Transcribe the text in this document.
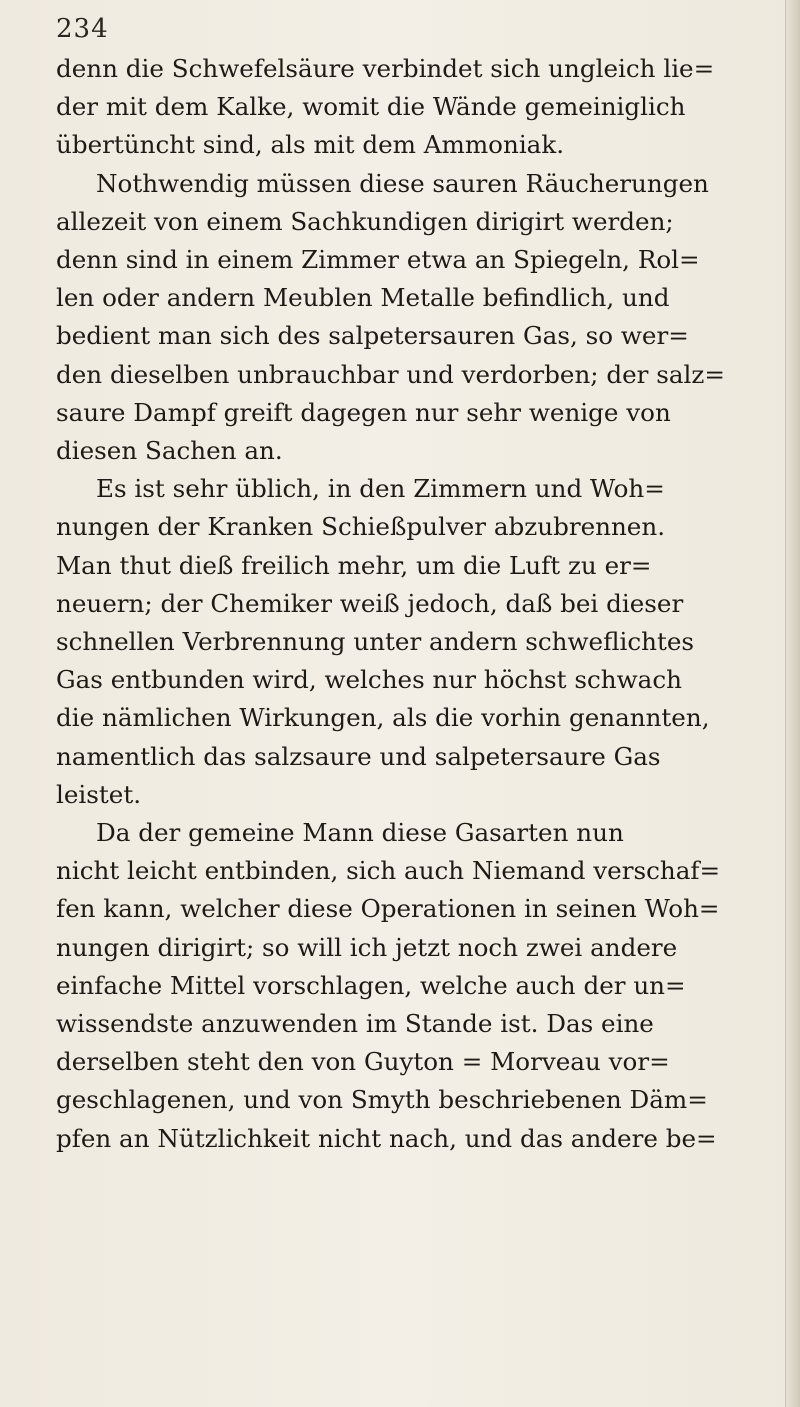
234
denn die Schwefelsäure verbindet sich ungleich lie=
der mit dem Kalke, womit die Wände gemeiniglich
übertüncht sind, als mit dem Ammoniak.
Nothwendig müssen diese sauren Räucherungen
allezeit von einem Sachkundigen dirigirt werden;
denn sind in einem Zimmer etwa an Spiegeln, Rol=
len oder andern Meublen Metalle befindlich, und
bedient man sich des salpetersauren Gas, so wer=
den dieselben unbrauchbar und verdorben; der salz=
saure Dampf greift dagegen nur sehr wenige von
diesen Sachen an.
Es ist sehr üblich, in den Zimmern und Woh=
nungen der Kranken Schießpulver abzubrennen.
Man thut dieß freilich mehr, um die Luft zu er=
neuern; der Chemiker weiß jedoch, daß bei dieser
schnellen Verbrennung unter andern schweflichtes
Gas entbunden wird, welches nur höchst schwach
die nämlichen Wirkungen, als die vorhin genannten,
namentlich das salzsaure und salpetersaure Gas
leistet.
Da der gemeine Mann diese Gasarten nun
nicht leicht entbinden, sich auch Niemand verschaf=
fen kann, welcher diese Operationen in seinen Woh=
nungen dirigirt; so will ich jetzt noch zwei andere
einfache Mittel vorschlagen, welche auch der un=
wissendste anzuwenden im Stande ist. Das eine
derselben steht den von Guyton = Morveau vor=
geschlagenen, und von Smyth beschriebenen Däm=
pfen an Nützlichkeit nicht nach, und das andere be=
